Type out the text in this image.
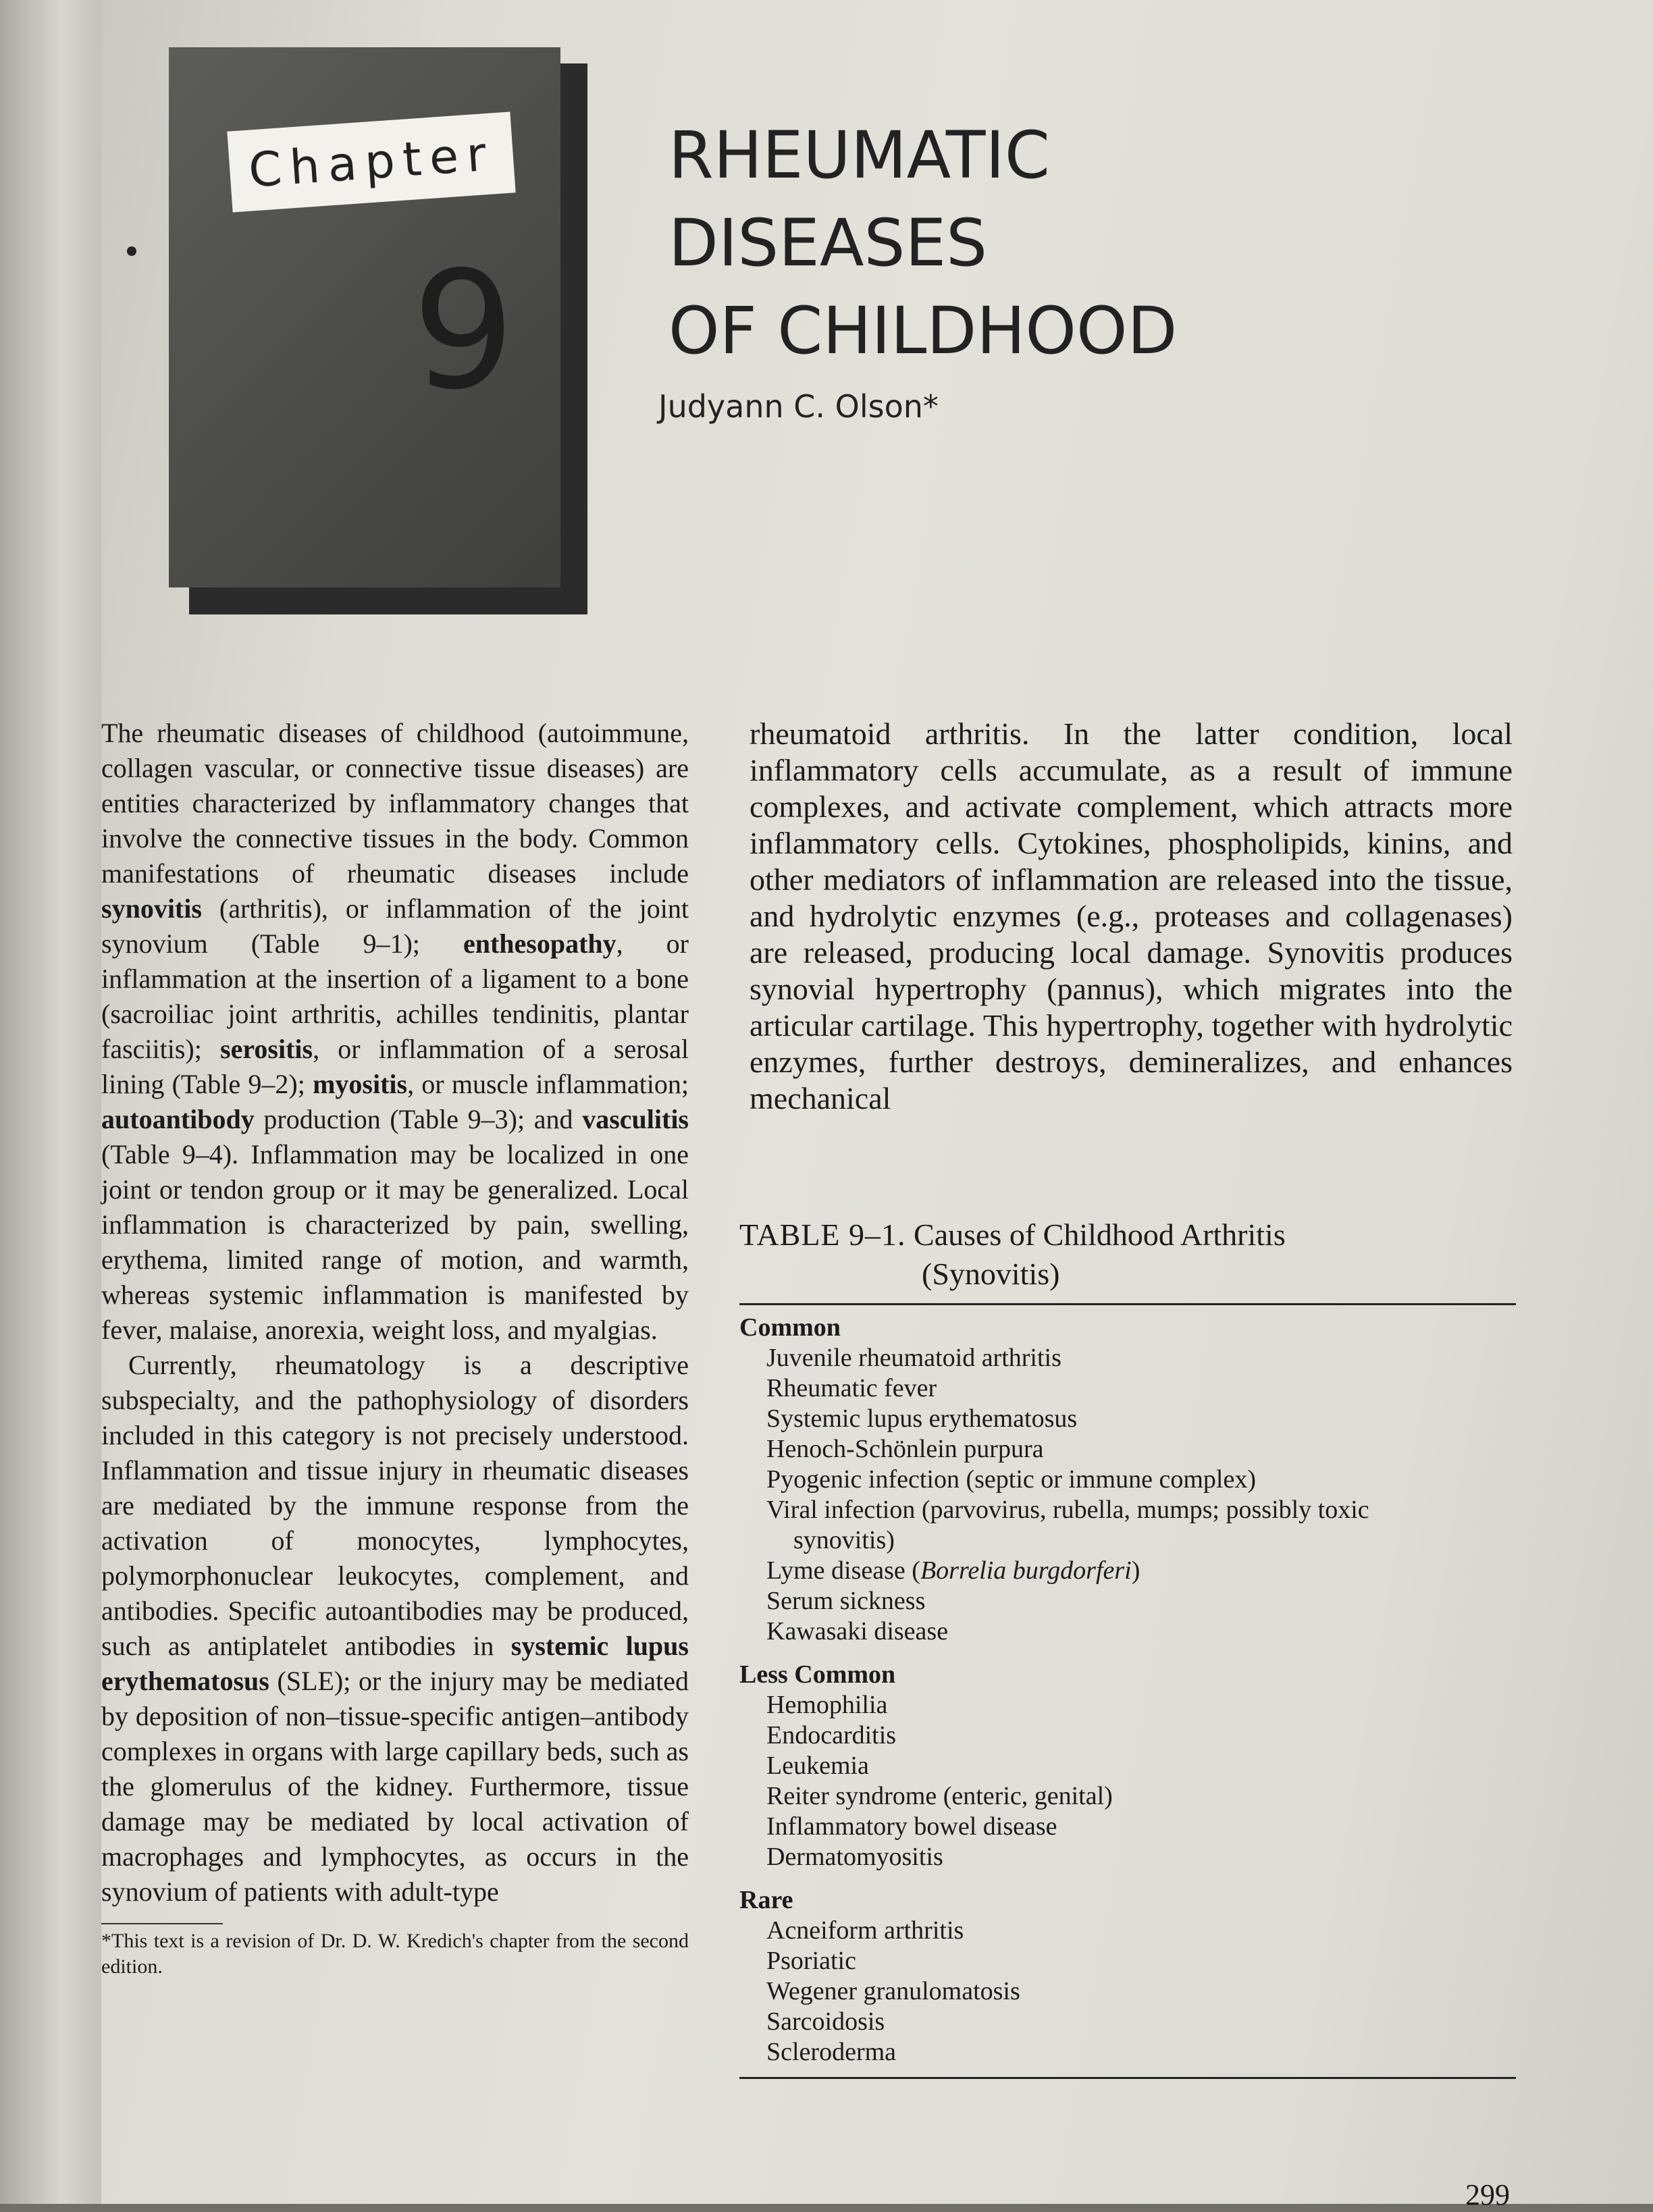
Chapter
9
RHEUMATIC DISEASES
OF CHILDHOOD
Judyann C. Olson*

The rheumatic diseases of childhood (autoimmune, collagen vascular, or connective tissue diseases) are entities characterized by inflammatory changes that involve the connective tissues in the body. Common manifestations of rheumatic diseases include synovitis (arthritis), or inflammation of the joint synovium (Table 9–1); enthesopathy, or inflammation at the insertion of a ligament to a bone (sacroiliac joint arthritis, achilles tendinitis, plantar fasciitis); serositis, or inflammation of a serosal lining (Table 9–2); myositis, or muscle inflammation; autoantibody production (Table 9–3); and vasculitis (Table 9–4). Inflammation may be localized in one joint or tendon group or it may be generalized. Local inflammation is characterized by pain, swelling, erythema, limited range of motion, and warmth, whereas systemic inflammation is manifested by fever, malaise, anorexia, weight loss, and myalgias.

Currently, rheumatology is a descriptive subspecialty, and the pathophysiology of disorders included in this category is not precisely understood. Inflammation and tissue injury in rheumatic diseases are mediated by the immune response from the activation of monocytes, lymphocytes, polymorphonuclear leukocytes, complement, and antibodies. Specific autoantibodies may be produced, such as antiplatelet antibodies in systemic lupus erythematosus (SLE); or the injury may be mediated by deposition of non–tissue-specific antigen–antibody complexes in organs with large capillary beds, such as the glomerulus of the kidney. Furthermore, tissue damage may be mediated by local activation of macrophages and lymphocytes, as occurs in the synovium of patients with adult-type

*This text is a revision of Dr. D. W. Kredich's chapter from the second edition.

rheumatoid arthritis. In the latter condition, local inflammatory cells accumulate, as a result of immune complexes, and activate complement, which attracts more inflammatory cells. Cytokines, phospholipids, kinins, and other mediators of inflammation are released into the tissue, and hydrolytic enzymes (e.g., proteases and collagenases) are released, producing local damage. Synovitis produces synovial hypertrophy (pannus), which migrates into the articular cartilage. This hypertrophy, together with hydrolytic enzymes, further destroys, demineralizes, and enhances mechanical

TABLE 9–1. Causes of Childhood Arthritis
(Synovitis)
Common
Juvenile rheumatoid arthritis
Rheumatic fever
Systemic lupus erythematosus
Henoch-Schönlein purpura
Pyogenic infection (septic or immune complex)
Viral infection (parvovirus, rubella, mumps; possibly toxic
synovitis)
Lyme disease (Borrelia burgdorferi)
Serum sickness
Kawasaki disease
Less Common
Hemophilia
Endocarditis
Leukemia
Reiter syndrome (enteric, genital)
Inflammatory bowel disease
Dermatomyositis
Rare
Acneiform arthritis
Psoriatic
Wegener granulomatosis
Sarcoidosis
Scleroderma
299
